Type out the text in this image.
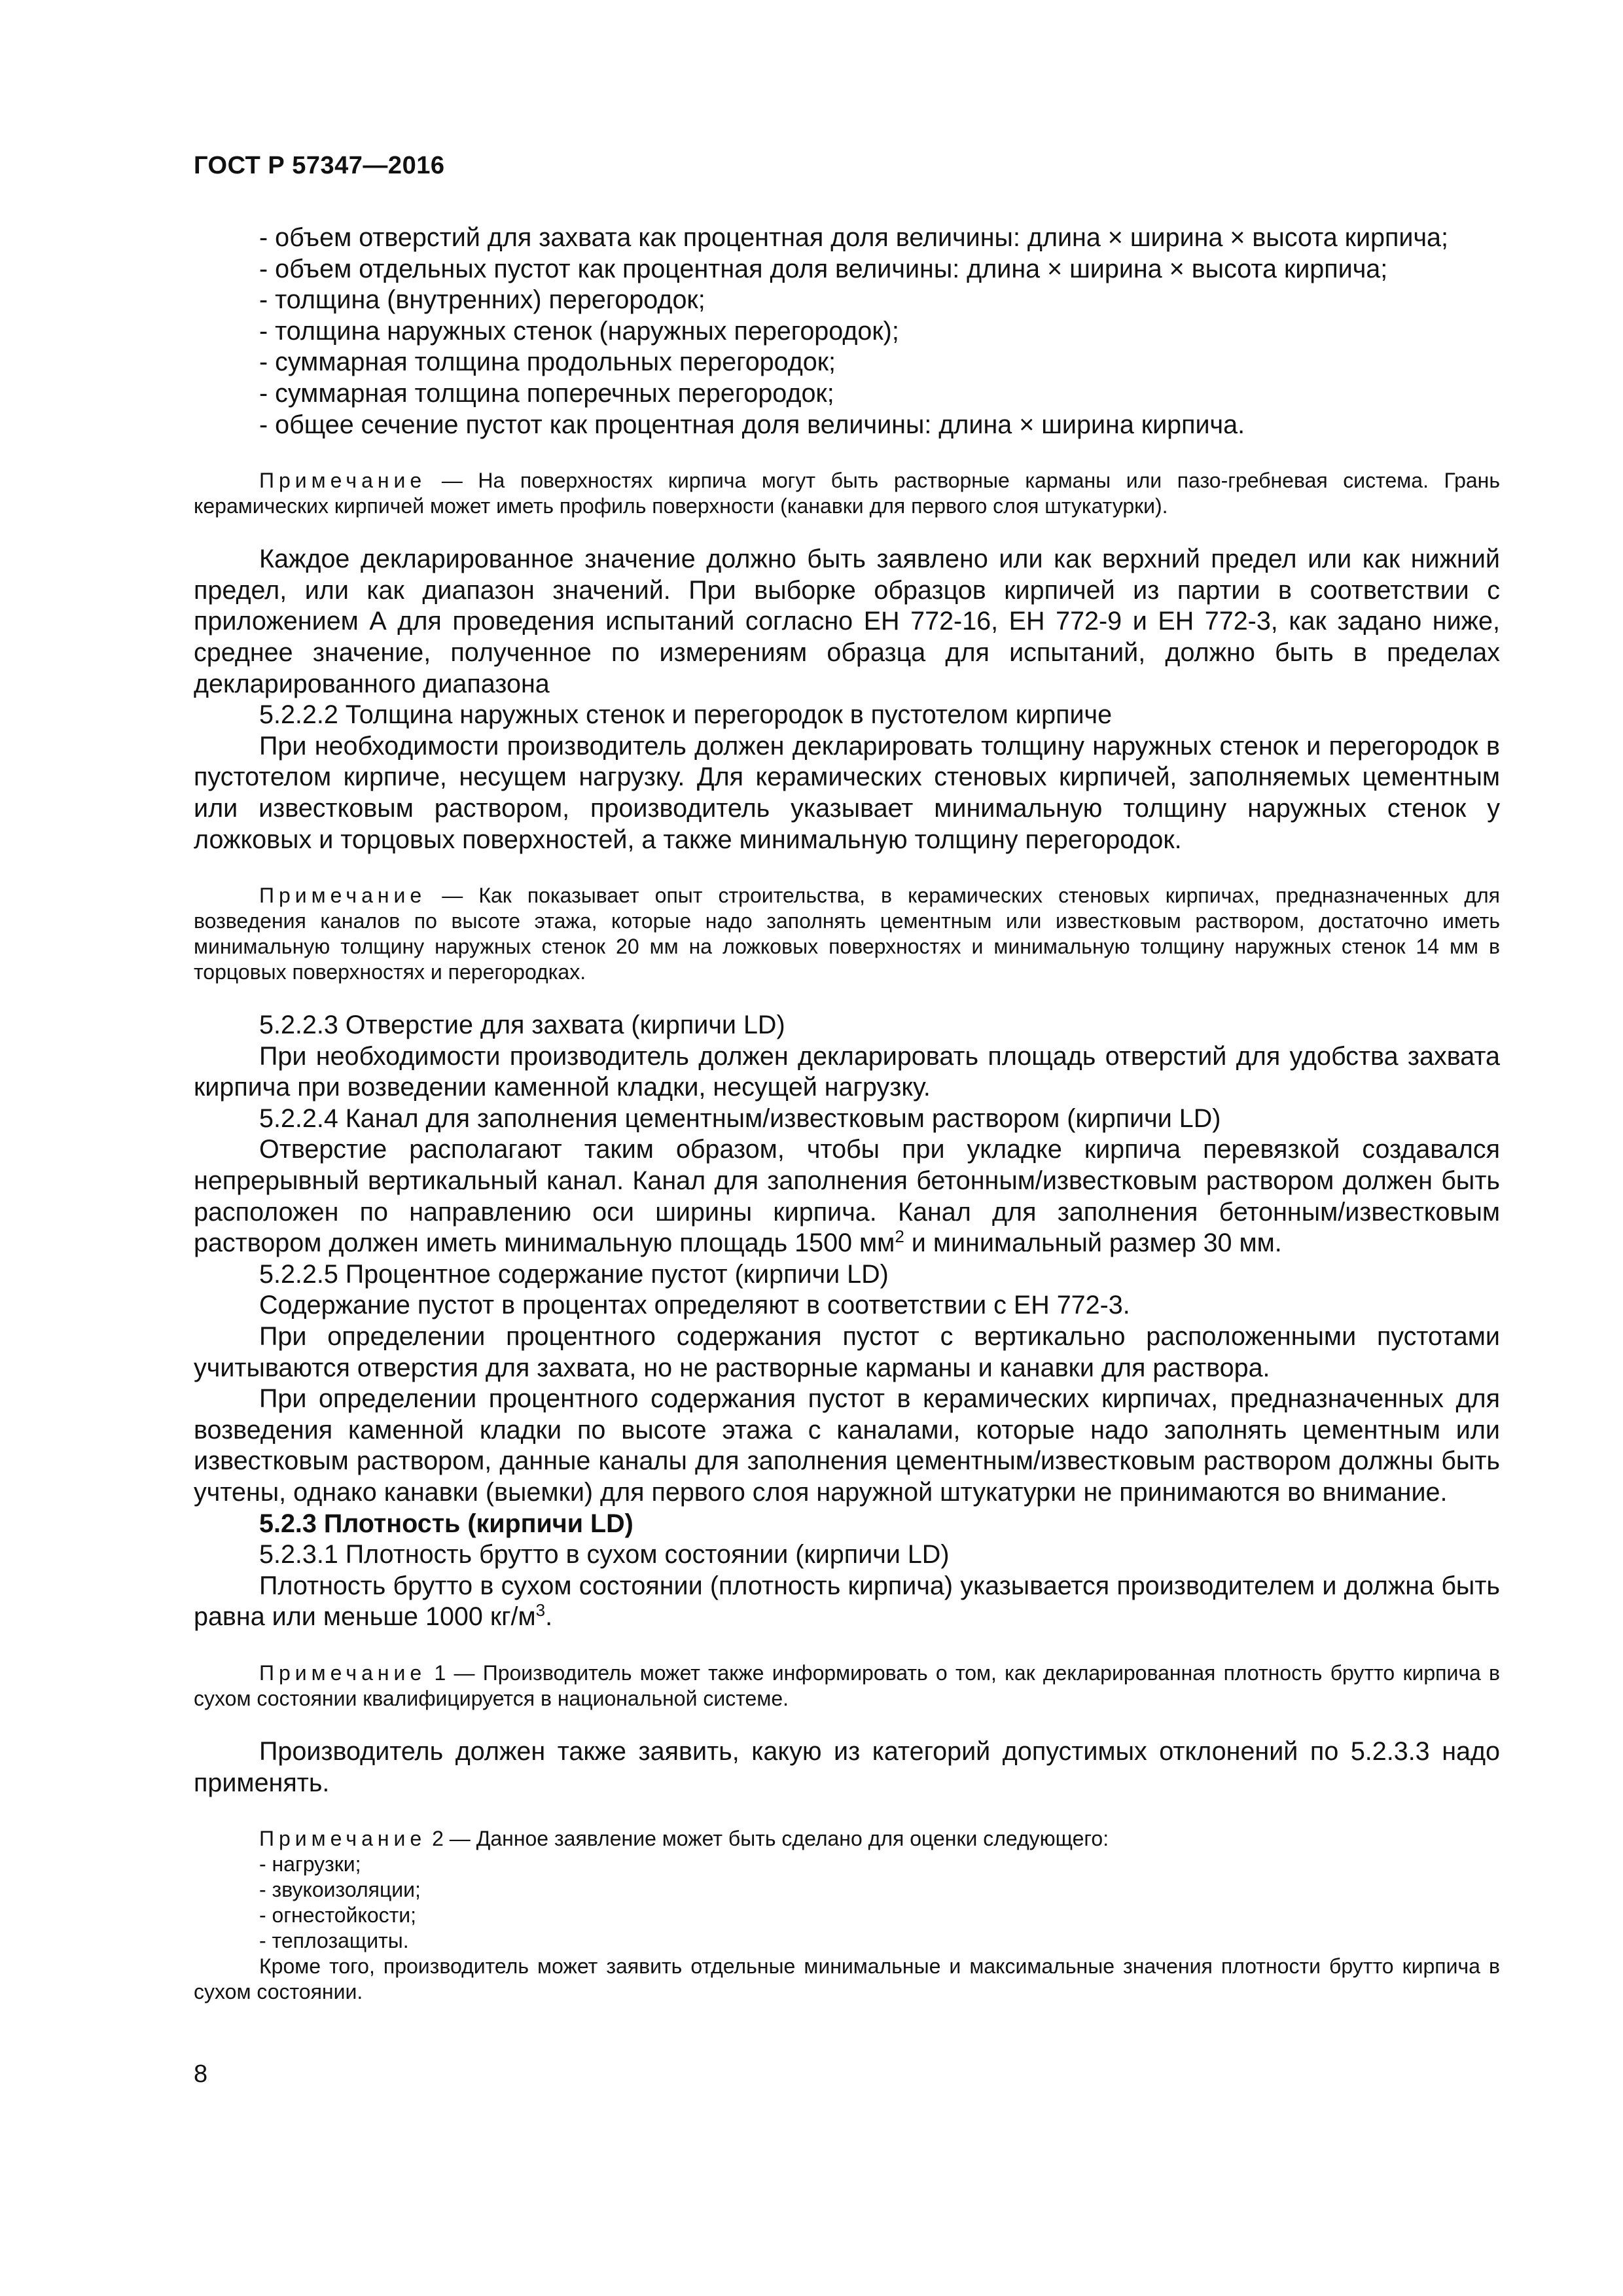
ГОСТ Р 57347—2016

- объем отверстий для захвата как процентная доля величины: длина × ширина × высота кирпича;

- объем отдельных пустот как процентная доля величины: длина × ширина × высота кирпича;

- толщина (внутренних) перегородок;

- толщина наружных стенок (наружных перегородок);

- суммарная толщина продольных перегородок;

- суммарная толщина поперечных перегородок;

- общее сечение пустот как процентная доля величины: длина × ширина кирпича.

Примечание — На поверхностях кирпича могут быть растворные карманы или пазо-гребневая система. Грань керамических кирпичей может иметь профиль поверхности (канавки для первого слоя штукатурки).

Каждое декларированное значение должно быть заявлено или как верхний предел или как нижний предел, или как диапазон значений. При выборке образцов кирпичей из партии в соответствии с приложением А для проведения испытаний согласно ЕН 772-16, ЕН 772-9 и ЕН 772-3, как задано ниже, среднее значение, полученное по измерениям образца для испытаний, должно быть в пределах декларированного диапазона

5.2.2.2 Толщина наружных стенок и перегородок в пустотелом кирпиче

При необходимости производитель должен декларировать толщину наружных стенок и перегородок в пустотелом кирпиче, несущем нагрузку. Для керамических стеновых кирпичей, заполняемых цементным или известковым раствором, производитель указывает минимальную толщину наружных стенок у ложковых и торцовых поверхностей, а также минимальную толщину перегородок.

Примечание — Как показывает опыт строительства, в керамических стеновых кирпичах, предназначенных для возведения каналов по высоте этажа, которые надо заполнять цементным или известковым раствором, достаточно иметь минимальную толщину наружных стенок 20 мм на ложковых поверхностях и минимальную толщину наружных стенок 14 мм в торцовых поверхностях и перегородках.

5.2.2.3 Отверстие для захвата (кирпичи LD)

При необходимости производитель должен декларировать площадь отверстий для удобства захвата кирпича при возведении каменной кладки, несущей нагрузку.

5.2.2.4 Канал для заполнения цементным/известковым раствором (кирпичи LD)

Отверстие располагают таким образом, чтобы при укладке кирпича перевязкой создавался непрерывный вертикальный канал. Канал для заполнения бетонным/известковым раствором должен быть расположен по направлению оси ширины кирпича. Канал для заполнения бетонным/известковым раствором должен иметь минимальную площадь 1500 $мм^2$ и минимальный размер 30 мм.

5.2.2.5 Процентное содержание пустот (кирпичи LD)

Содержание пустот в процентах определяют в соответствии с ЕН 772-3.

При определении процентного содержания пустот с вертикально расположенными пустотами учитываются отверстия для захвата, но не растворные карманы и канавки для раствора.

При определении процентного содержания пустот в керамических кирпичах, предназначенных для возведения каменной кладки по высоте этажа с каналами, которые надо заполнять цементным или известковым раствором, данные каналы для заполнения цементным/известковым раствором должны быть учтены, однако канавки (выемки) для первого слоя наружной штукатурки не принимаются во внимание.

5.2.3 Плотность (кирпичи LD)

5.2.3.1 Плотность брутто в сухом состоянии (кирпичи LD)

Плотность брутто в сухом состоянии (плотность кирпича) указывается производителем и должна быть равна или меньше 1000 $кг/м^3$.

Примечание 1 — Производитель может также информировать о том, как декларированная плотность брутто кирпича в сухом состоянии квалифицируется в национальной системе.

Производитель должен также заявить, какую из категорий допустимых отклонений по 5.2.3.3 надо применять.

Примечание 2 — Данное заявление может быть сделано для оценки следующего:

- нагрузки;

- звукоизоляции;

- огнестойкости;

- теплозащиты.

Кроме того, производитель может заявить отдельные минимальные и максимальные значения плотности брутто кирпича в сухом состоянии.

8
